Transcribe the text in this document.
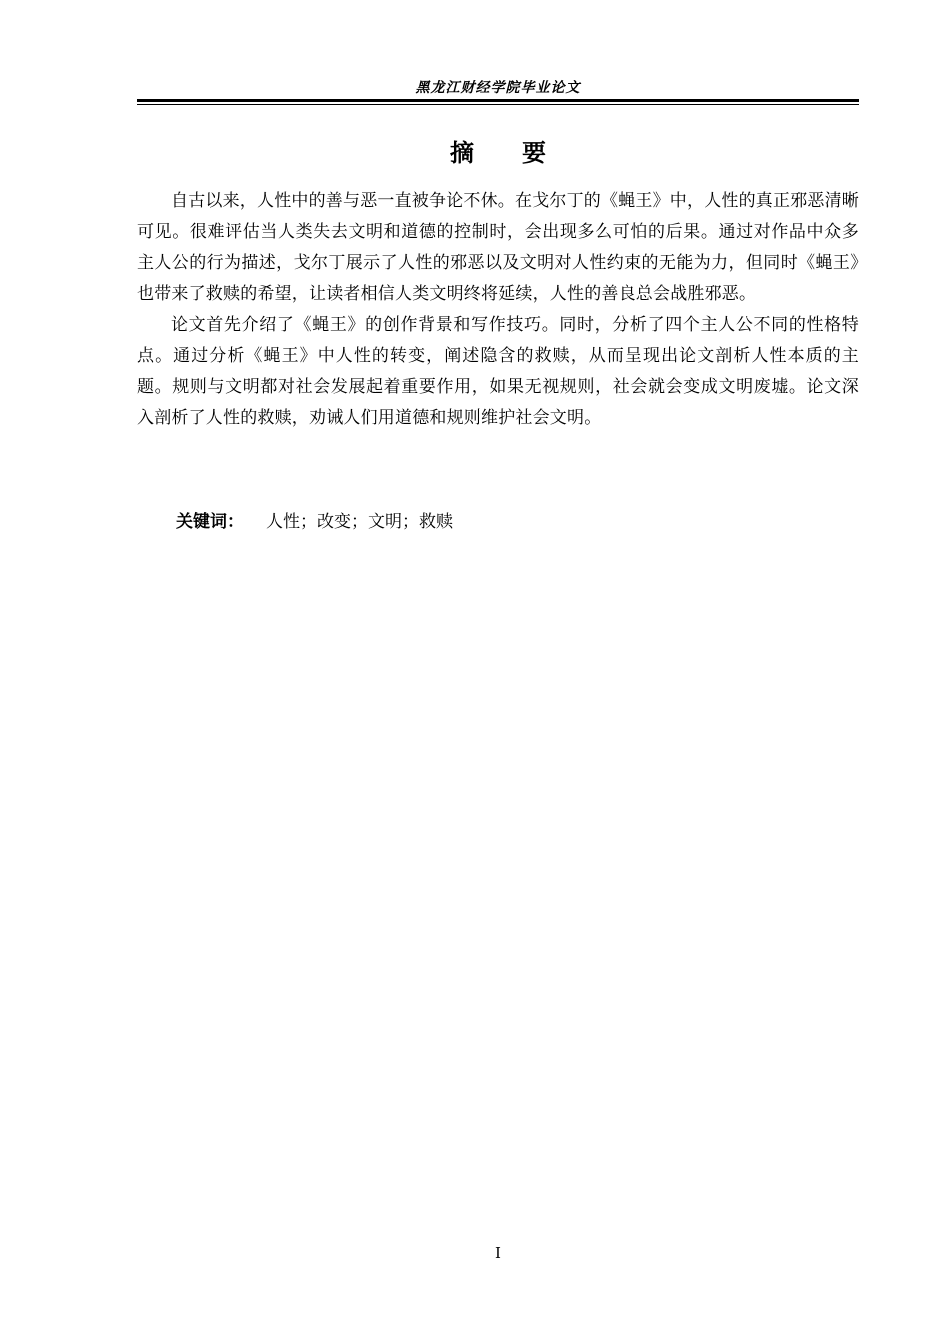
黑龙江财经学院毕业论文
摘 要

自古以来，人性中的善与恶一直被争论不休。在戈尔丁的《蝇王》中，人性的真正邪恶清晰可见。很难评估当人类失去文明和道德的控制时，会出现多么可怕的后果。通过对作品中众多主人公的行为描述，戈尔丁展示了人性的邪恶以及文明对人性约束的无能为力，但同时《蝇王》也带来了救赎的希望，让读者相信人类文明终将延续，人性的善良总会战胜邪恶。

论文首先介绍了《蝇王》的创作背景和写作技巧。同时，分析了四个主人公不同的性格特点。通过分析《蝇王》中人性的转变，阐述隐含的救赎，从而呈现出论文剖析人性本质的主题。规则与文明都对社会发展起着重要作用，如果无视规则，社会就会变成文明废墟。论文深入剖析了人性的救赎，劝诫人们用道德和规则维护社会文明。

关键词： 人性；改变；文明；救赎
I
